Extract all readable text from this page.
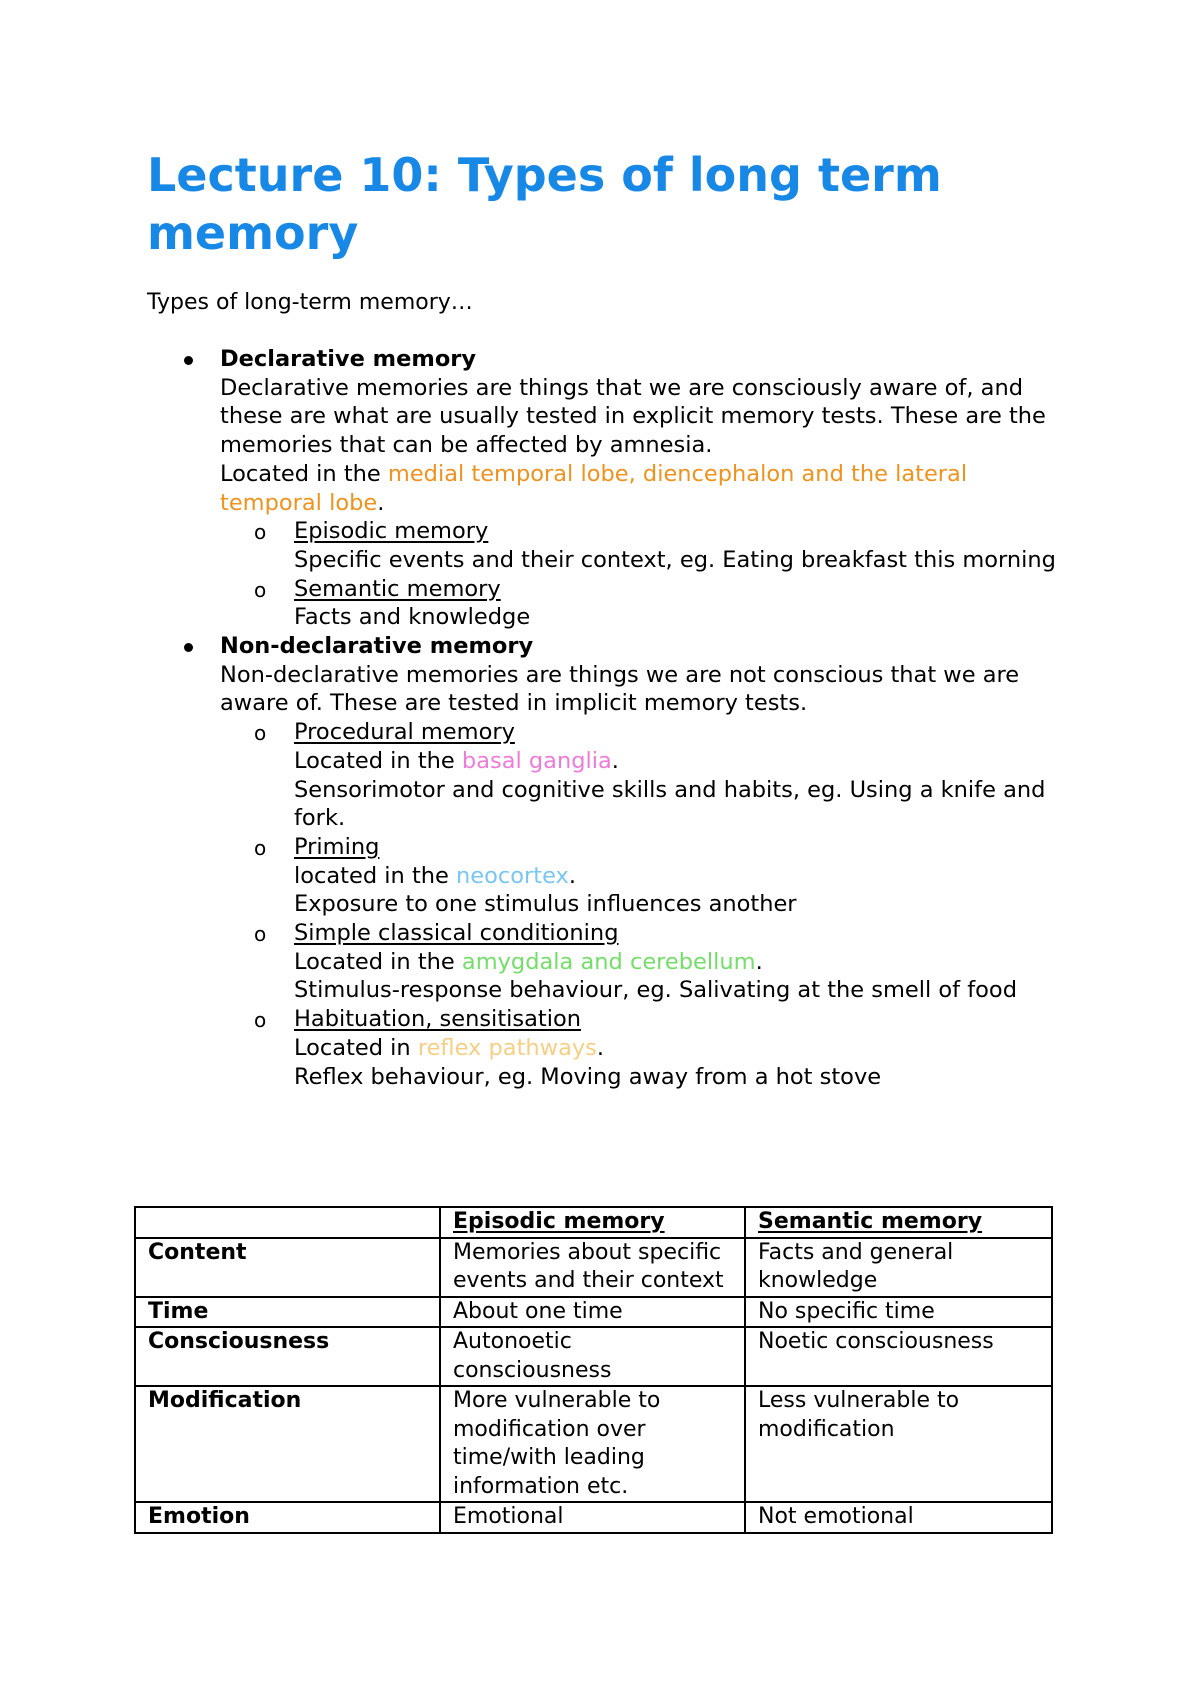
Lecture 10: Types of long term memory

Types of long-term memory…

Declarative memory
Declarative memories are things that we are consciously aware of, and these are what are usually tested in explicit memory tests. These are the memories that can be affected by amnesia.
Located in the medial temporal lobe, diencephalon and the lateral temporal lobe.
o Episodic memory
Specific events and their context, eg. Eating breakfast this morning
o Semantic memory
Facts and knowledge
Non-declarative memory
Non-declarative memories are things we are not conscious that we are aware of. These are tested in implicit memory tests.
o Procedural memory
Located in the basal ganglia.
Sensorimotor and cognitive skills and habits, eg. Using a knife and fork.
o Priming
located in the neocortex.
Exposure to one stimulus influences another
o Simple classical conditioning
Located in the amygdala and cerebellum.
Stimulus-response behaviour, eg. Salivating at the smell of food
o Habituation, sensitisation
Located in reflex pathways.
Reflex behaviour, eg. Moving away from a hot stove
	Episodic memory	Semantic memory
Content	Memories about specific events and their context	Facts and general knowledge
Time	About one time	No specific time
Consciousness	Autonoetic consciousness	Noetic consciousness
Modification	More vulnerable to modification over time/with leading information etc.	Less vulnerable to modification
Emotion	Emotional	Not emotional
